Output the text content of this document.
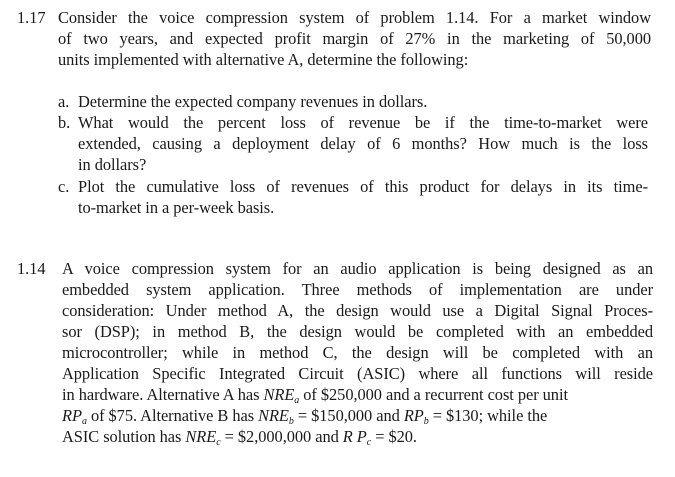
1.17 Consider the voice compression system of problem 1.14. For a market window
of two years, and expected profit margin of 27% in the marketing of 50,000
units implemented with alternative A, determine the following:
a. Determine the expected company revenues in dollars.
b. What would the percent loss of revenue be if the time-to-market were
extended, causing a deployment delay of 6 months? How much is the loss
in dollars?
c. Plot the cumulative loss of revenues of this product for delays in its time-
to-market in a per-week basis.
1.14 A voice compression system for an audio application is being designed as an
embedded system application. Three methods of implementation are under
consideration: Under method A, the design would use a Digital Signal Proces-
sor (DSP); in method B, the design would be completed with an embedded
microcontroller; while in method C, the design will be completed with an
Application Specific Integrated Circuit (ASIC) where all functions will reside
in hardware. Alternative A has $NRE_a$ of $250,000 and a recurrent cost per unit
$RP_a$ of $75. Alternative B has $NRE_b$ = $150,000 and $RP_b$ = $130; while the
ASIC solution has $NRE_c$ = $2,000,000 and R $P_c$ = $20.
